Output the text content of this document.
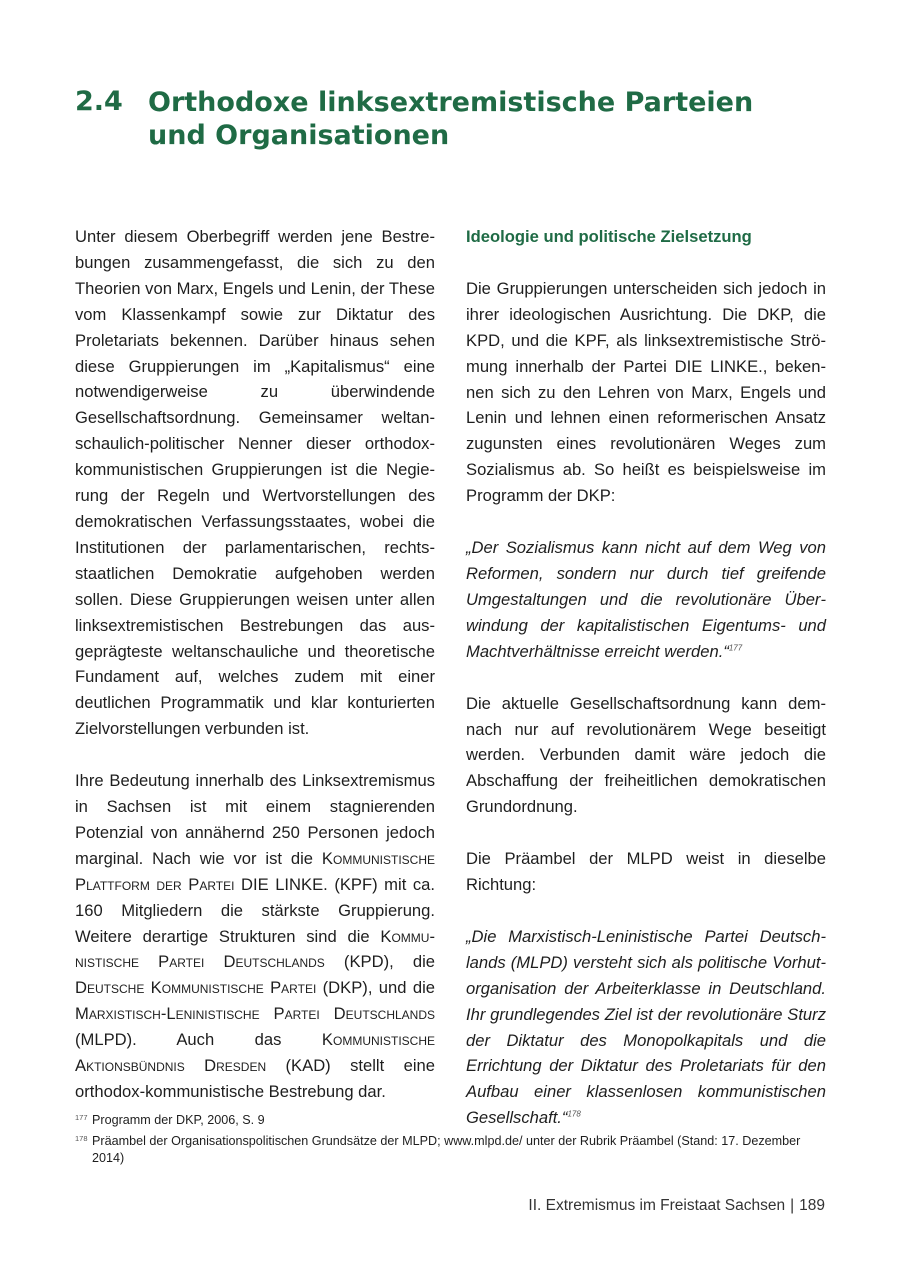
2.4 Orthodoxe linksextremistische Parteien und Organisationen

Unter diesem Oberbegriff werden jene Bestrebungen zusammengefasst, die sich zu den Theorien von Marx, Engels und Lenin, der These vom Klassenkampf sowie zur Diktatur des Proletariats bekennen. Darüber hinaus sehen diese Gruppierungen im „Kapitalismus“ eine notwendigerweise zu überwindende Gesellschaftsordnung. Gemeinsamer weltanschaulich-politischer Nenner dieser orthodoxkommunistischen Gruppierungen ist die Negierung der Regeln und Wertvorstellungen des demokratischen Verfassungsstaates, wobei die Institutionen der parlamentarischen, rechtsstaatlichen Demokratie aufgehoben werden sollen. Diese Gruppierungen weisen unter allen linksextremistischen Bestrebungen das ausgeprägteste weltanschauliche und theoretische Fundament auf, welches zudem mit einer deutlichen Programmatik und klar konturierten Zielvorstellungen verbunden ist.

Ihre Bedeutung innerhalb des Linksextremismus in Sachsen ist mit einem stagnierenden Potenzial von annähernd 250 Personen jedoch marginal. Nach wie vor ist die Kommunistische Plattform der Partei DIE LINKE. (KPF) mit ca. 160 Mitgliedern die stärkste Gruppierung. Weitere derartige Strukturen sind die Kommunistische Partei Deutschlands (KPD), die Deutsche Kommunistische Partei (DKP), und die Marxistisch-Leninistische Partei Deutschlands (MLPD). Auch das Kommunistische Aktionsbündnis Dresden (KAD) stellt eine orthodox-kommunistische Bestrebung dar.

Ideologie und politische Zielsetzung

Die Gruppierungen unterscheiden sich jedoch in ihrer ideologischen Ausrichtung. Die DKP, die KPD, und die KPF, als linksextremistische Strömung innerhalb der Partei DIE LINKE., bekennen sich zu den Lehren von Marx, Engels und Lenin und lehnen einen reformerischen Ansatz zugunsten eines revolutionären Weges zum Sozialismus ab. So heißt es beispielsweise im Programm der DKP:

„Der Sozialismus kann nicht auf dem Weg von Reformen, sondern nur durch tief greifende Umgestaltungen und die revolutionäre Überwindung der kapitalistischen Eigentums- und Machtverhältnisse erreicht werden.“$^{177}$

Die aktuelle Gesellschaftsordnung kann demnach nur auf revolutionärem Wege beseitigt werden. Verbunden damit wäre jedoch die Abschaffung der freiheitlichen demokratischen Grundordnung.

Die Präambel der MLPD weist in dieselbe Richtung:

„Die Marxistisch-Leninistische Partei Deutschlands (MLPD) versteht sich als politische Vorhutorganisation der Arbeiterklasse in Deutschland. Ihr grundlegendes Ziel ist der revolutionäre Sturz der Diktatur des Monopolkapitals und die Errichtung der Diktatur des Proletariats für den Aufbau einer klassenlosen kommunistischen Gesellschaft.“$^{178}$

177 Programm der DKP, 2006, S. 9

178 Präambel der Organisationspolitischen Grundsätze der MLPD; www.mlpd.de/ unter der Rubrik Präambel (Stand: 17. Dezember 2014)

II. Extremismus im Freistaat Sachsen | 189
